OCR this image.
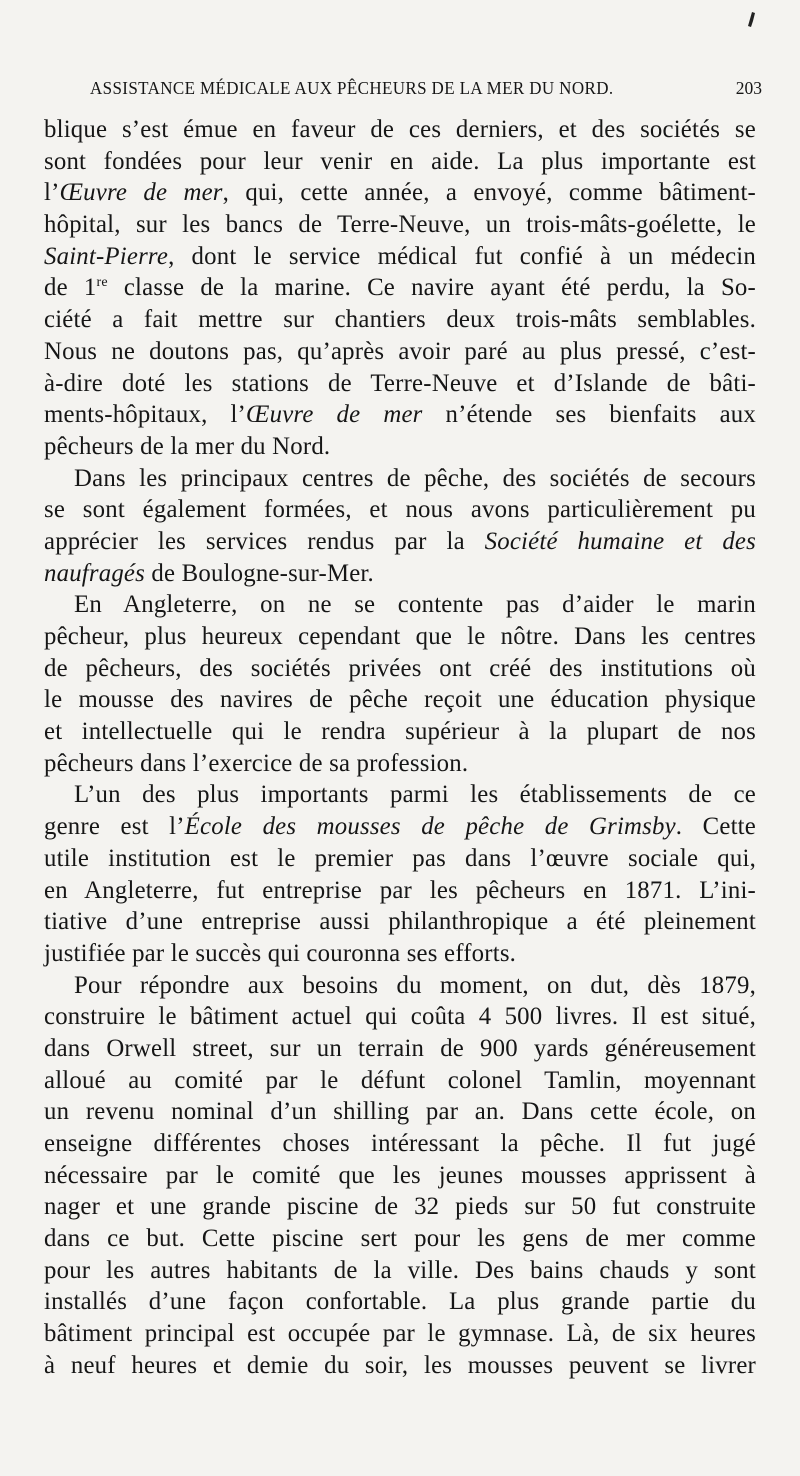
ASSISTANCE MÉDICALE AUX PÊCHEURS DE LA MER DU NORD.	203
blique s’est émue en faveur de ces derniers, et des sociétés se
sont fondées pour leur venir en aide. La plus importante est
l’Œuvre de mer, qui, cette année, a envoyé, comme bâtiment-
hôpital, sur les bancs de Terre-Neuve, un trois-mâts-goélette, le
Saint-Pierre, dont le service médical fut confié à un médecin
de 1re classe de la marine. Ce navire ayant été perdu, la So-
ciété a fait mettre sur chantiers deux trois-mâts semblables.
Nous ne doutons pas, qu’après avoir paré au plus pressé, c’est-
à-dire doté les stations de Terre-Neuve et d’Islande de bâti-
ments-hôpitaux, l’Œuvre de mer n’étende ses bienfaits aux
pêcheurs de la mer du Nord.
Dans les principaux centres de pêche, des sociétés de secours
se sont également formées, et nous avons particulièrement pu
apprécier les services rendus par la Société humaine et des
naufragés de Boulogne-sur-Mer.
En Angleterre, on ne se contente pas d’aider le marin
pêcheur, plus heureux cependant que le nôtre. Dans les centres
de pêcheurs, des sociétés privées ont créé des institutions où
le mousse des navires de pêche reçoit une éducation physique
et intellectuelle qui le rendra supérieur à la plupart de nos
pêcheurs dans l’exercice de sa profession.
L’un des plus importants parmi les établissements de ce
genre est l’École des mousses de pêche de Grimsby. Cette
utile institution est le premier pas dans l’œuvre sociale qui,
en Angleterre, fut entreprise par les pêcheurs en 1871. L’ini-
tiative d’une entreprise aussi philanthropique a été pleinement
justifiée par le succès qui couronna ses efforts.
Pour répondre aux besoins du moment, on dut, dès 1879,
construire le bâtiment actuel qui coûta 4 500 livres. Il est situé,
dans Orwell street, sur un terrain de 900 yards généreusement
alloué au comité par le défunt colonel Tamlin, moyennant
un revenu nominal d’un shilling par an. Dans cette école, on
enseigne différentes choses intéressant la pêche. Il fut jugé
nécessaire par le comité que les jeunes mousses apprissent à
nager et une grande piscine de 32 pieds sur 50 fut construite
dans ce but. Cette piscine sert pour les gens de mer comme
pour les autres habitants de la ville. Des bains chauds y sont
installés d’une façon confortable. La plus grande partie du
bâtiment principal est occupée par le gymnase. Là, de six heures
à neuf heures et demie du soir, les mousses peuvent se livrer
